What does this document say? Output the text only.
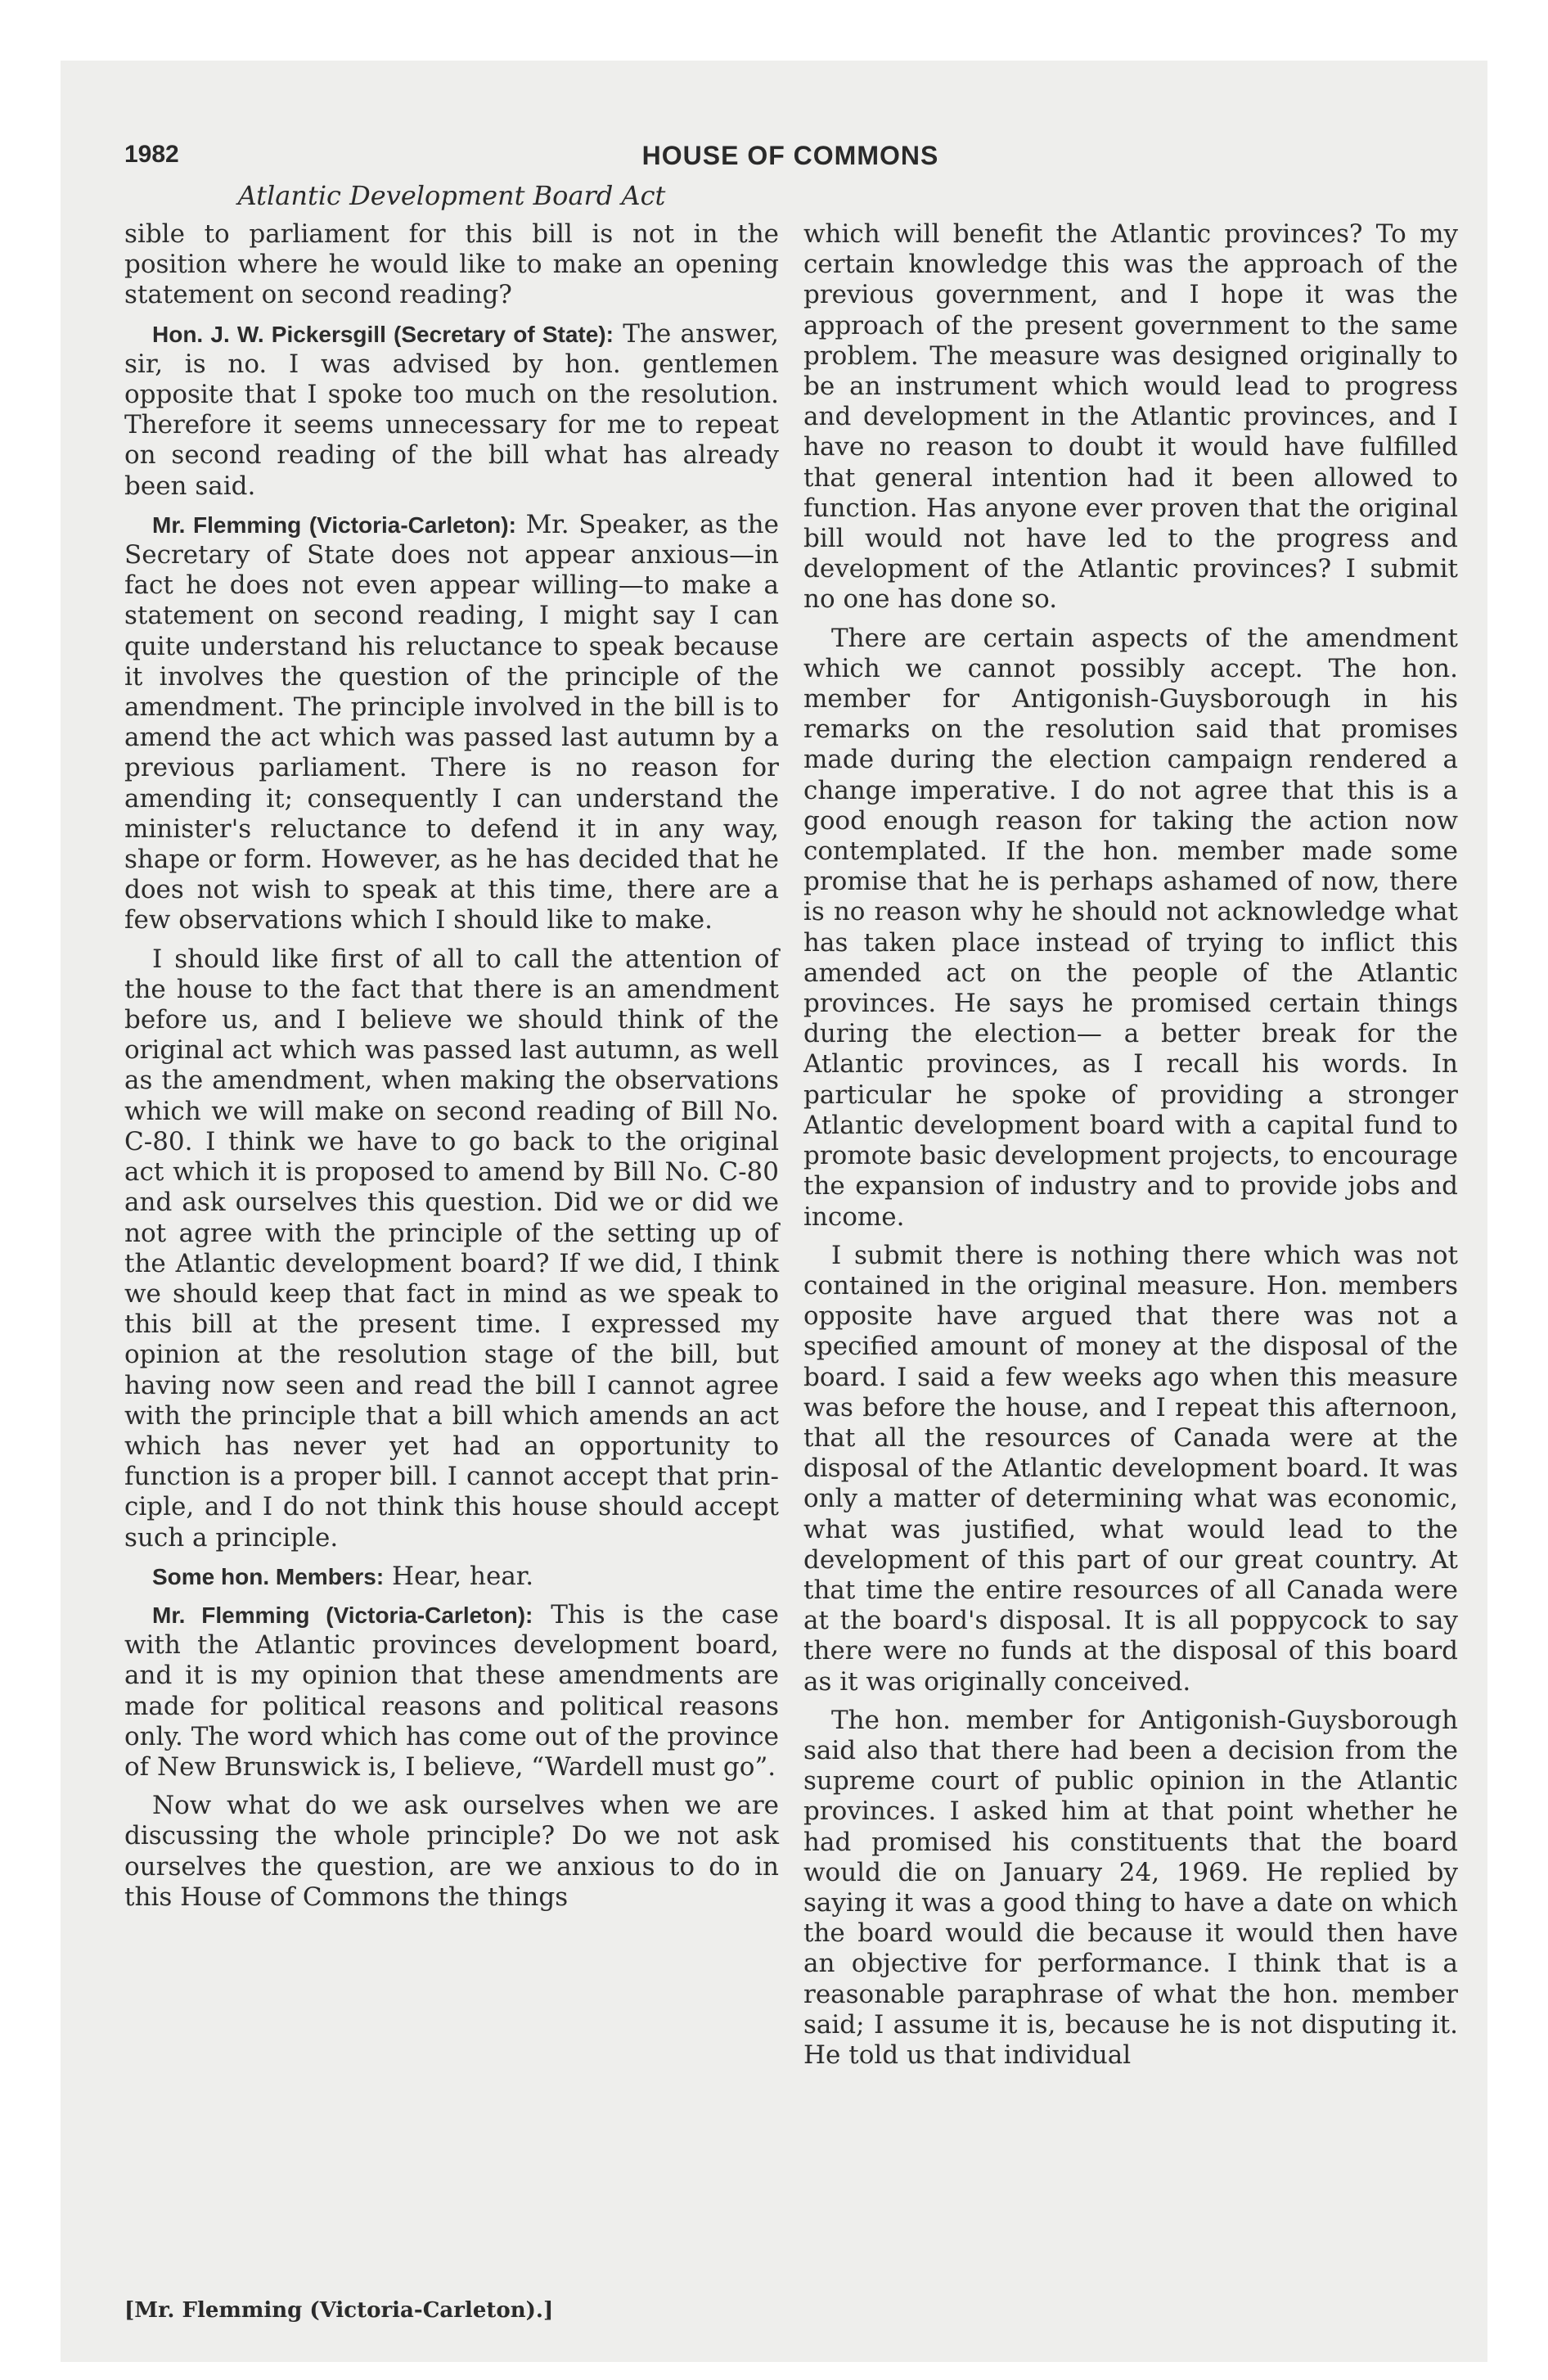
1982	HOUSE OF COMMONS
Atlantic Development Board Act

sible to parliament for this bill is not in the position where he would like to make an opening statement on second reading?

Hon. J. W. Pickersgill (Secretary of State): The answer, sir, is no. I was advised by hon. gentlemen opposite that I spoke too much on the resolution. Therefore it seems unnecessary for me to repeat on second reading of the bill what has already been said.

Mr. Flemming (Victoria-Carleton): Mr. Speaker, as the Secretary of State does not appear anxious—in fact he does not even appear willing—to make a statement on second reading, I might say I can quite understand his reluctance to speak because it involves the question of the principle of the amendment. The principle involved in the bill is to amend the act which was passed last autumn by a previous parliament. There is no reason for amending it; consequently I can understand the minister's reluctance to defend it in any way, shape or form. However, as he has decided that he does not wish to speak at this time, there are a few observations which I should like to make.

I should like first of all to call the attention of the house to the fact that there is an amendment before us, and I believe we should think of the original act which was passed last autumn, as well as the amendment, when making the observations which we will make on second reading of Bill No. C-80. I think we have to go back to the original act which it is proposed to amend by Bill No. C-80 and ask ourselves this question. Did we or did we not agree with the principle of the setting up of the Atlantic development board? If we did, I think we should keep that fact in mind as we speak to this bill at the present time. I expressed my opinion at the resolution stage of the bill, but having now seen and read the bill I cannot agree with the principle that a bill which amends an act which has never yet had an opportunity to function is a proper bill. I cannot accept that principle, and I do not think this house should accept such a principle.

Some hon. Members: Hear, hear.

Mr. Flemming (Victoria-Carleton): This is the case with the Atlantic provinces development board, and it is my opinion that these amendments are made for political reasons and political reasons only. The word which has come out of the province of New Brunswick is, I believe, “Wardell must go”.

Now what do we ask ourselves when we are discussing the whole principle? Do we not ask ourselves the question, are we anxious to do in this House of Commons the things

which will benefit the Atlantic provinces? To my certain knowledge this was the approach of the previous government, and I hope it was the approach of the present government to the same problem. The measure was designed originally to be an instrument which would lead to progress and development in the Atlantic provinces, and I have no reason to doubt it would have fulfilled that general intention had it been allowed to function. Has anyone ever proven that the original bill would not have led to the progress and development of the Atlantic provinces? I submit no one has done so.

There are certain aspects of the amendment which we cannot possibly accept. The hon. member for Antigonish-Guysborough in his remarks on the resolution said that promises made during the election campaign rendered a change imperative. I do not agree that this is a good enough reason for taking the action now contemplated. If the hon. member made some promise that he is perhaps ashamed of now, there is no reason why he should not acknowledge what has taken place instead of trying to inflict this amended act on the people of the Atlantic provinces. He says he promised certain things during the election— a better break for the Atlantic provinces, as I recall his words. In particular he spoke of providing a stronger Atlantic development board with a capital fund to promote basic development projects, to encourage the expansion of industry and to provide jobs and income.

I submit there is nothing there which was not contained in the original measure. Hon. members opposite have argued that there was not a specified amount of money at the disposal of the board. I said a few weeks ago when this measure was before the house, and I repeat this afternoon, that all the resources of Canada were at the disposal of the Atlantic development board. It was only a matter of determining what was economic, what was justified, what would lead to the development of this part of our great country. At that time the entire resources of all Canada were at the board's disposal. It is all poppycock to say there were no funds at the disposal of this board as it was originally conceived.

The hon. member for Antigonish-Guysborough said also that there had been a decision from the supreme court of public opinion in the Atlantic provinces. I asked him at that point whether he had promised his constituents that the board would die on January 24, 1969. He replied by saying it was a good thing to have a date on which the board would die because it would then have an objective for performance. I think that is a reasonable paraphrase of what the hon. member said; I assume it is, because he is not disputing it. He told us that individual

[Mr. Flemming (Victoria-Carleton).]
